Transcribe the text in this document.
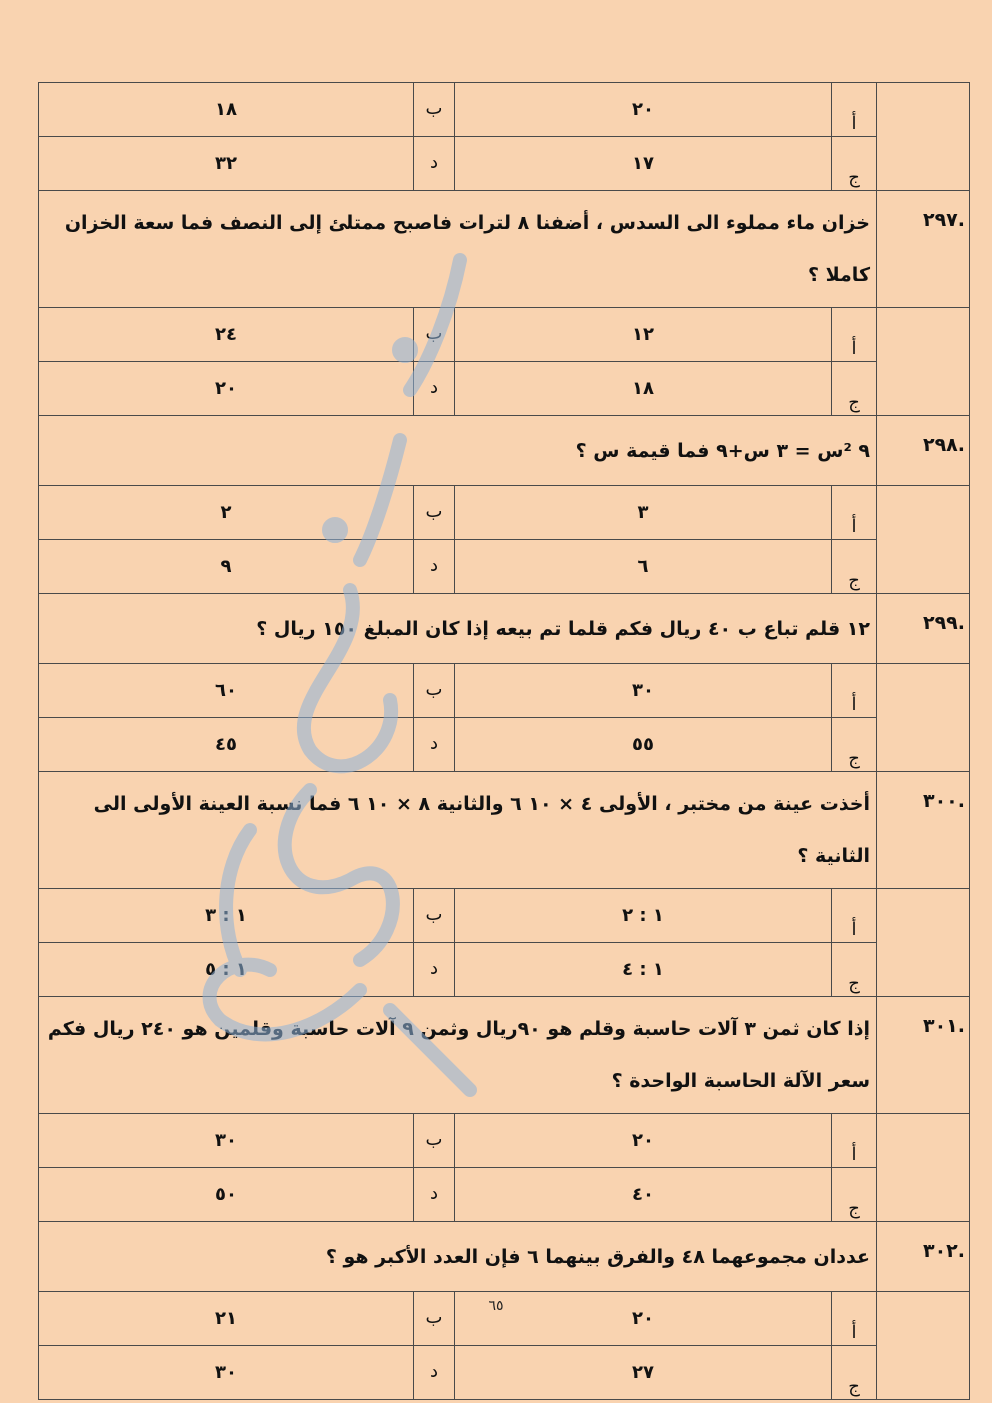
	أ	٢٠	ب	١٨
	ج	١٧	د	٣٢
.٢٩٧	خزان ماء مملوء الى السدس ، أضفنا ٨ لترات فاصبح ممتلئ إلى النصف فما سعة الخزان كاملا ؟			
	أ	١٢	ب	٢٤
	ج	١٨	د	٢٠
.٢٩٨	٩ ²س = ٣ س+٩ فما قيمة س ؟			
	أ	٣	ب	٢
	ج	٦	د	٩
.٢٩٩	١٢ قلم تباع ب ٤٠ ريال فكم قلما تم بيعه إذا كان المبلغ ١٥٠ ريال ؟			
	أ	٣٠	ب	٦٠
	ج	٥٥	د	٤٥
.٣٠٠	أخذت عينة من مختبر ، الأولى ٤ × ١٠ ٦ والثانية ٨ × ١٠ ٦ فما نسبة العينة الأولى الى الثانية ؟			
	أ	١ : ٢	ب	١ : ٣
	ج	١ : ٤	د	١ : ٥
.٣٠١	إذا كان ثمن ٣ آلات حاسبة وقلم هو ٩٠ريال وثمن ٩ آلات حاسبة وقلمين هو ٢٤٠ ريال فكم سعر الآلة الحاسبة الواحدة ؟			
	أ	٢٠	ب	٣٠
	ج	٤٠	د	٥٠
.٣٠٢	عددان مجموعهما ٤٨ والفرق بينهما ٦ فإن العدد الأكبر هو ؟			
	أ	٢٠	ب	٢١
	ج	٢٧	د	٣٠
٦٥
